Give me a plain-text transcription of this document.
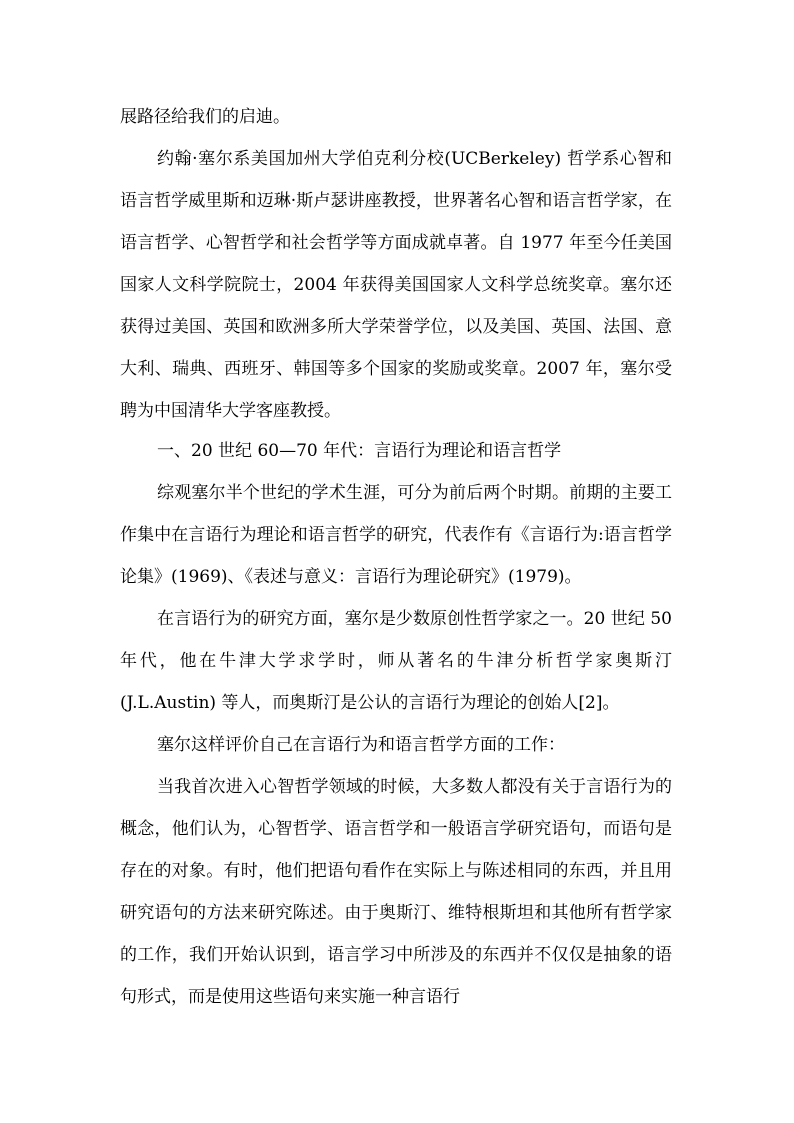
展路径给我们的启迪。

约翰·塞尔系美国加州大学伯克利分校(UCBerkeley) 哲学系心智和语言哲学威里斯和迈琳·斯卢瑟讲座教授，世界著名心智和语言哲学家，在语言哲学、心智哲学和社会哲学等方面成就卓著。自 1977 年至今任美国国家人文科学院院士，2004 年获得美国国家人文科学总统奖章。塞尔还获得过美国、英国和欧洲多所大学荣誉学位，以及美国、英国、法国、意大利、瑞典、西班牙、韩国等多个国家的奖励或奖章。2007 年，塞尔受聘为中国清华大学客座教授。

一、20 世纪 60—70 年代：言语行为理论和语言哲学

综观塞尔半个世纪的学术生涯，可分为前后两个时期。前期的主要工作集中在言语行为理论和语言哲学的研究，代表作有《言语行为:语言哲学论集》(1969)、《表述与意义：言语行为理论研究》(1979)。

在言语行为的研究方面，塞尔是少数原创性哲学家之一。20 世纪 50 年代，他在牛津大学求学时，师从著名的牛津分析哲学家奥斯汀(J.L.Austin) 等人，而奥斯汀是公认的言语行为理论的创始人[2]。

塞尔这样评价自己在言语行为和语言哲学方面的工作：

当我首次进入心智哲学领域的时候，大多数人都没有关于言语行为的概念，他们认为，心智哲学、语言哲学和一般语言学研究语句，而语句是存在的对象。有时，他们把语句看作在实际上与陈述相同的东西，并且用研究语句的方法来研究陈述。由于奥斯汀、维特根斯坦和其他所有哲学家的工作，我们开始认识到，语言学习中所涉及的东西并不仅仅是抽象的语句形式，而是使用这些语句来实施一种言语行
